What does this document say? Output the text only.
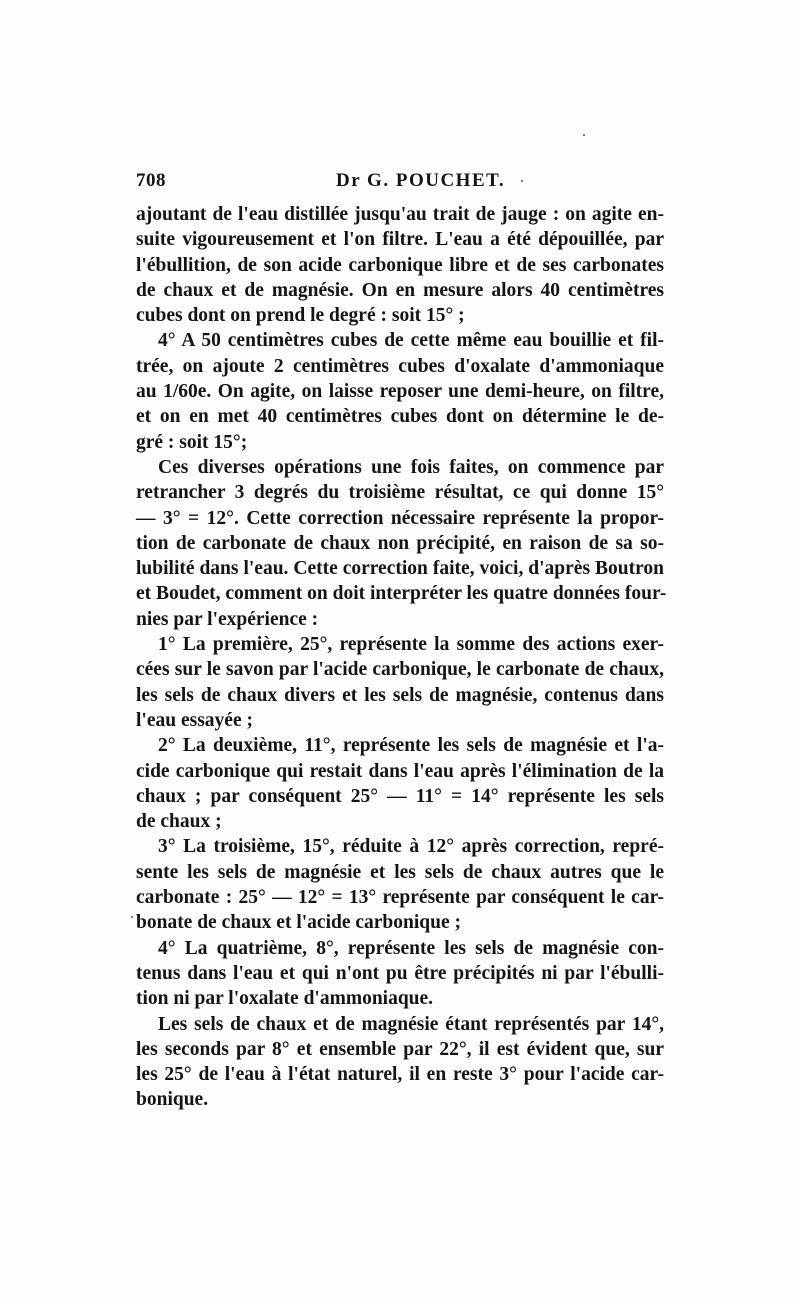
708	Dr G. POUCHET.

ajoutant de l'eau distillée jusqu'au trait de jauge : on agite en-
suite vigoureusement et l'on filtre. L'eau a été dépouillée, par
l'ébullition, de son acide carbonique libre et de ses carbonates
de chaux et de magnésie. On en mesure alors 40 centimètres
cubes dont on prend le degré : soit 15° ;

4° A 50 centimètres cubes de cette même eau bouillie et fil-
trée, on ajoute 2 centimètres cubes d'oxalate d'ammoniaque
au 1/60e. On agite, on laisse reposer une demi-heure, on filtre,
et on en met 40 centimètres cubes dont on détermine le de-
gré : soit 15°;

Ces diverses opérations une fois faites, on commence par
retrancher 3 degrés du troisième résultat, ce qui donne 15°
— 3° = 12°. Cette correction nécessaire représente la propor-
tion de carbonate de chaux non précipité, en raison de sa so-
lubilité dans l'eau. Cette correction faite, voici, d'après Boutron
et Boudet, comment on doit interpréter les quatre données four-
nies par l'expérience :

1° La première, 25°, représente la somme des actions exer-
cées sur le savon par l'acide carbonique, le carbonate de chaux,
les sels de chaux divers et les sels de magnésie, contenus dans
l'eau essayée ;

2° La deuxième, 11°, représente les sels de magnésie et l'a-
cide carbonique qui restait dans l'eau après l'élimination de la
chaux ; par conséquent 25° — 11° = 14° représente les sels
de chaux ;

3° La troisième, 15°, réduite à 12° après correction, repré-
sente les sels de magnésie et les sels de chaux autres que le
carbonate : 25° — 12° = 13° représente par conséquent le car-
bonate de chaux et l'acide carbonique ;

4° La quatrième, 8°, représente les sels de magnésie con-
tenus dans l'eau et qui n'ont pu être précipités ni par l'ébulli-
tion ni par l'oxalate d'ammoniaque.

Les sels de chaux et de magnésie étant représentés par 14°,
les seconds par 8° et ensemble par 22°, il est évident que, sur
les 25° de l'eau à l'état naturel, il en reste 3° pour l'acide car-
bonique.
